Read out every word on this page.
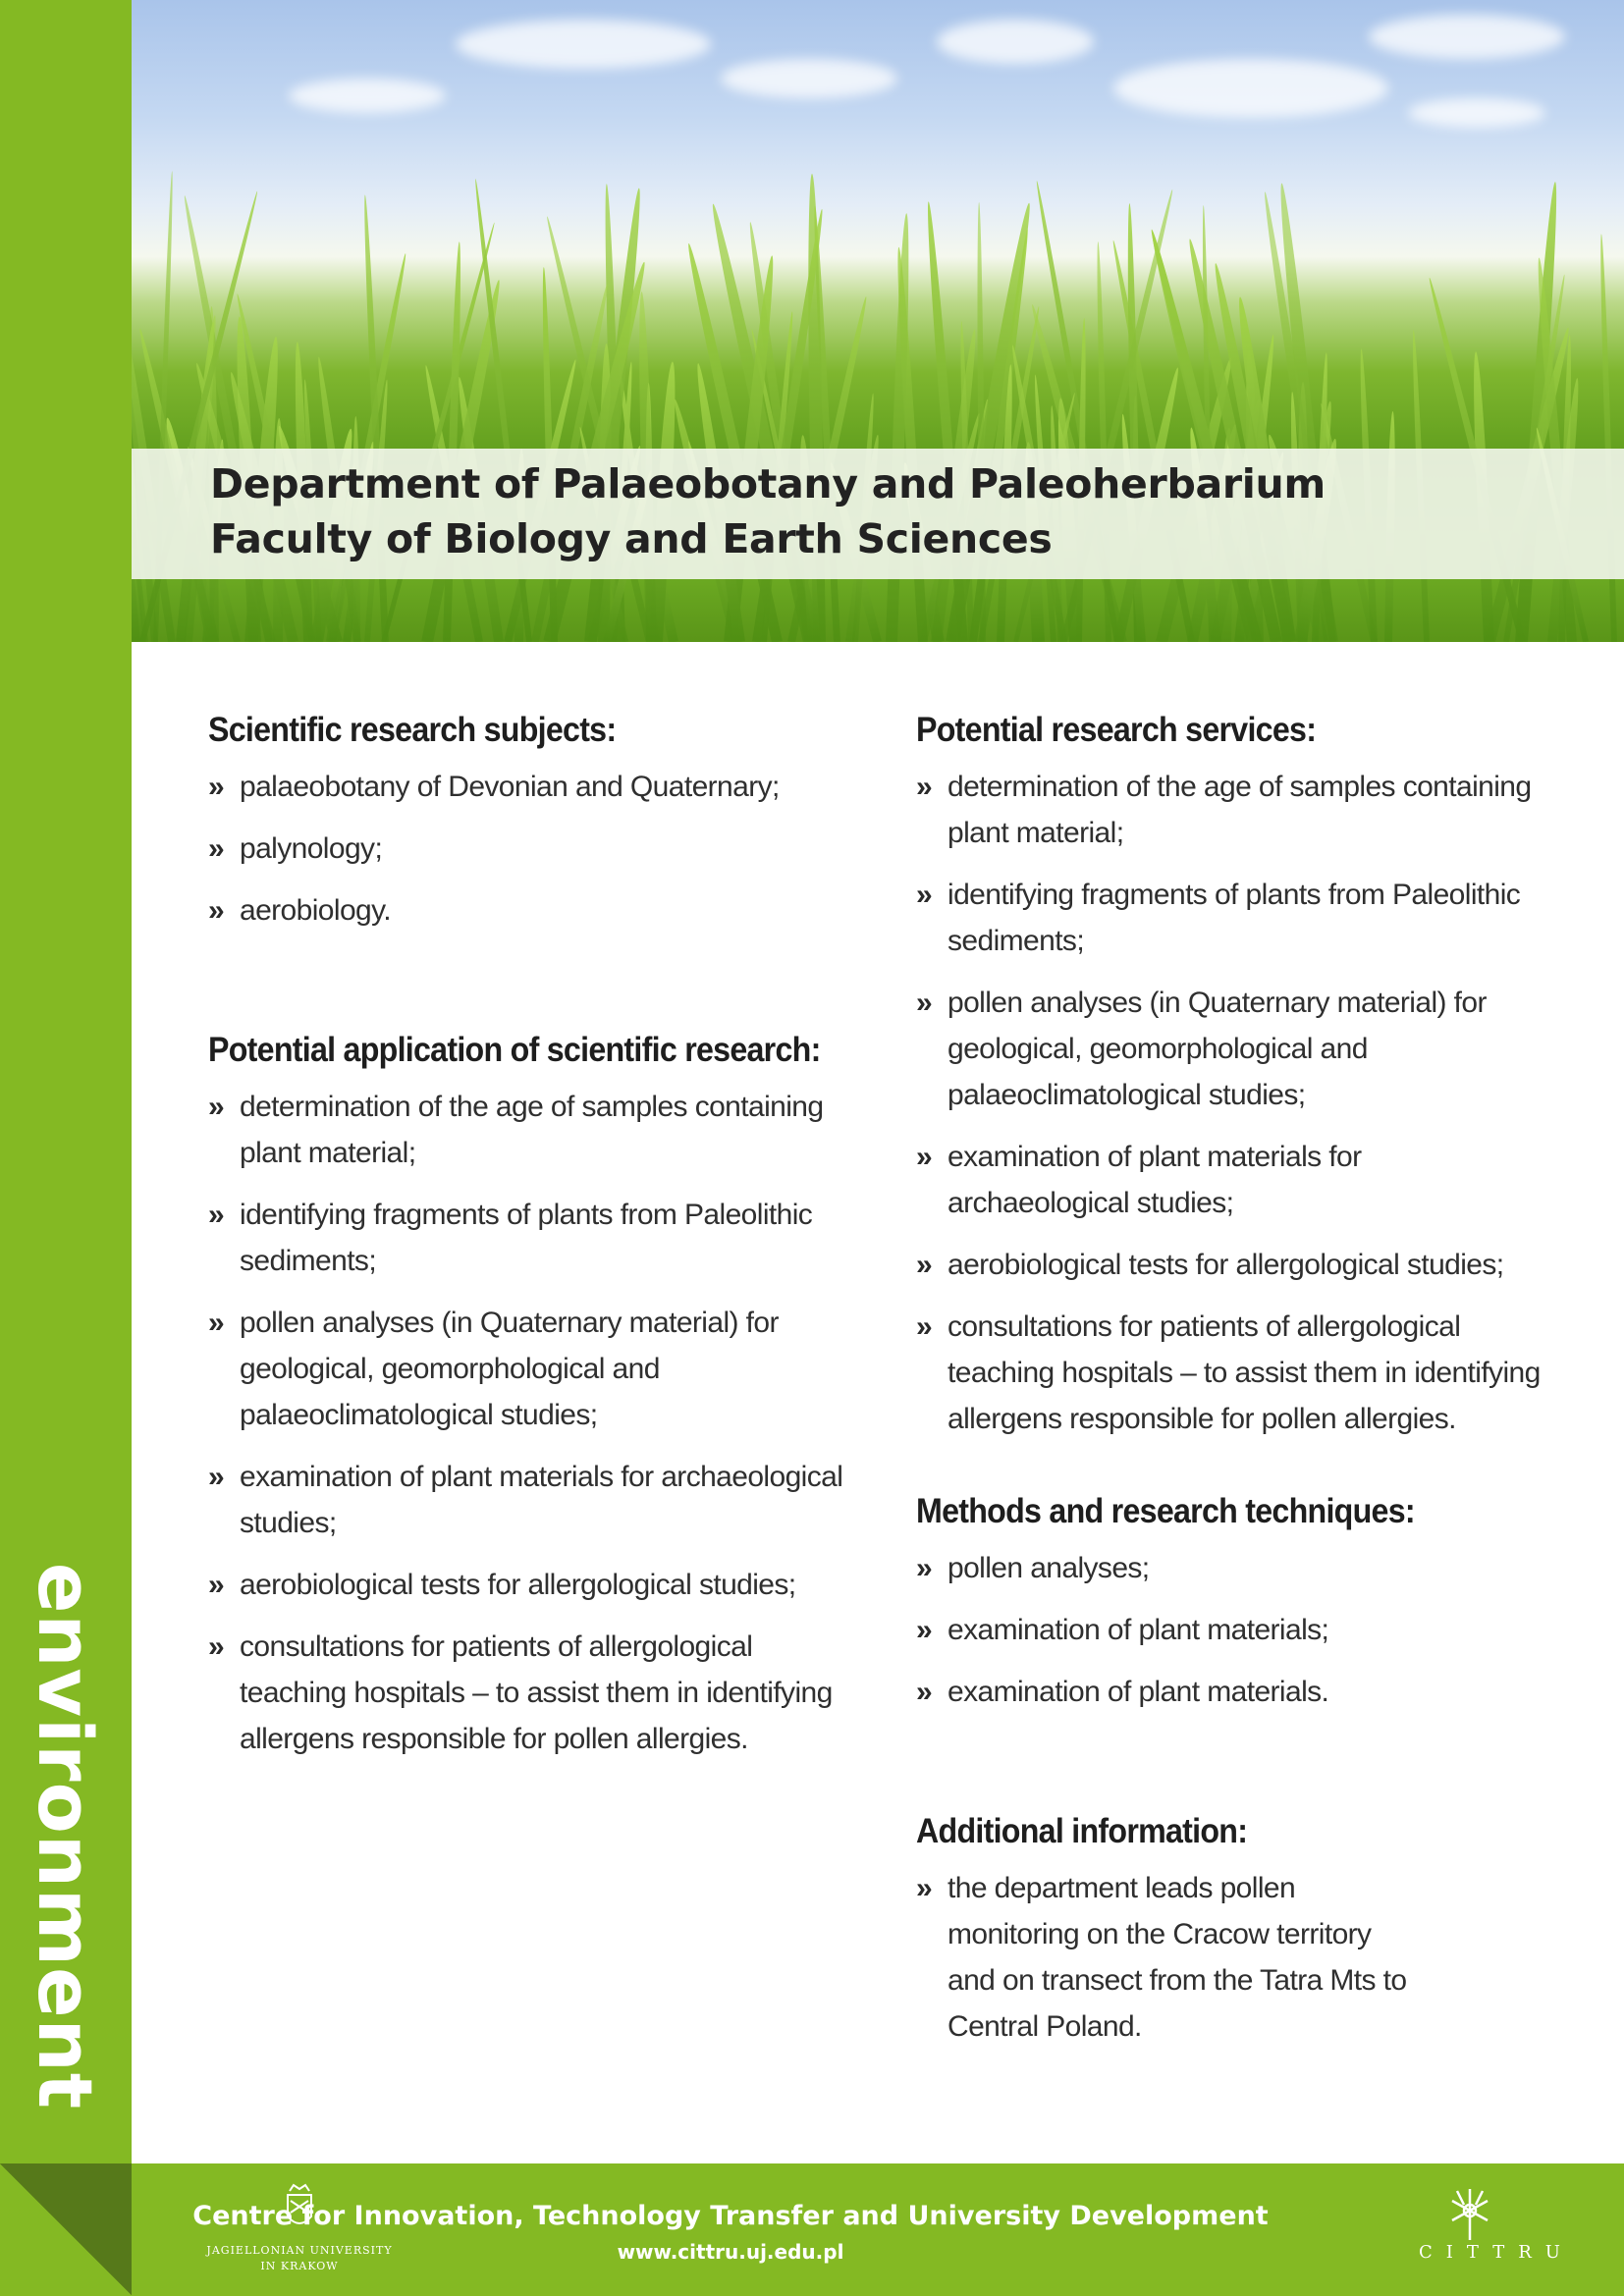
environment
Department of Palaeobotany and Paleoherbarium
Faculty of Biology and Earth Sciences
Scientific research subjects:
» palaeobotany of Devonian and Quaternary;
» palynology;
» aerobiology.
Potential application of scientific research:
» determination of the age of samples containing plant material;
» identifying fragments of plants from Paleolithic sediments;
» pollen analyses (in Quaternary material) for geological, geomorphological and palaeoclimatological studies;
» examination of plant materials for archaeological studies;
» aerobiological tests for allergological studies;
» consultations for patients of allergological teaching hospitals – to assist them in identifying allergens responsible for pollen allergies.
Potential research services:
» determination of the age of samples containing plant material;
» identifying fragments of plants from Paleolithic sediments;
» pollen analyses (in Quaternary material) for geological, geomorphological and palaeoclimatological studies;
» examination of plant materials for archaeological studies;
» aerobiological tests for allergological studies;
» consultations for patients of allergological teaching hospitals – to assist them in identifying allergens responsible for pollen allergies.
Methods and research techniques:
» pollen analyses;
» examination of plant materials;
» examination of plant materials.
Additional information:
» the department leads pollen monitoring on the Cracow territory and on transect from the Tatra Mts to Central Poland.
JAGIELLONIAN UNIVERSITY
IN KRAKOW
Centre for Innovation, Technology Transfer and University Development
www.cittru.uj.edu.pl	CITTRU
